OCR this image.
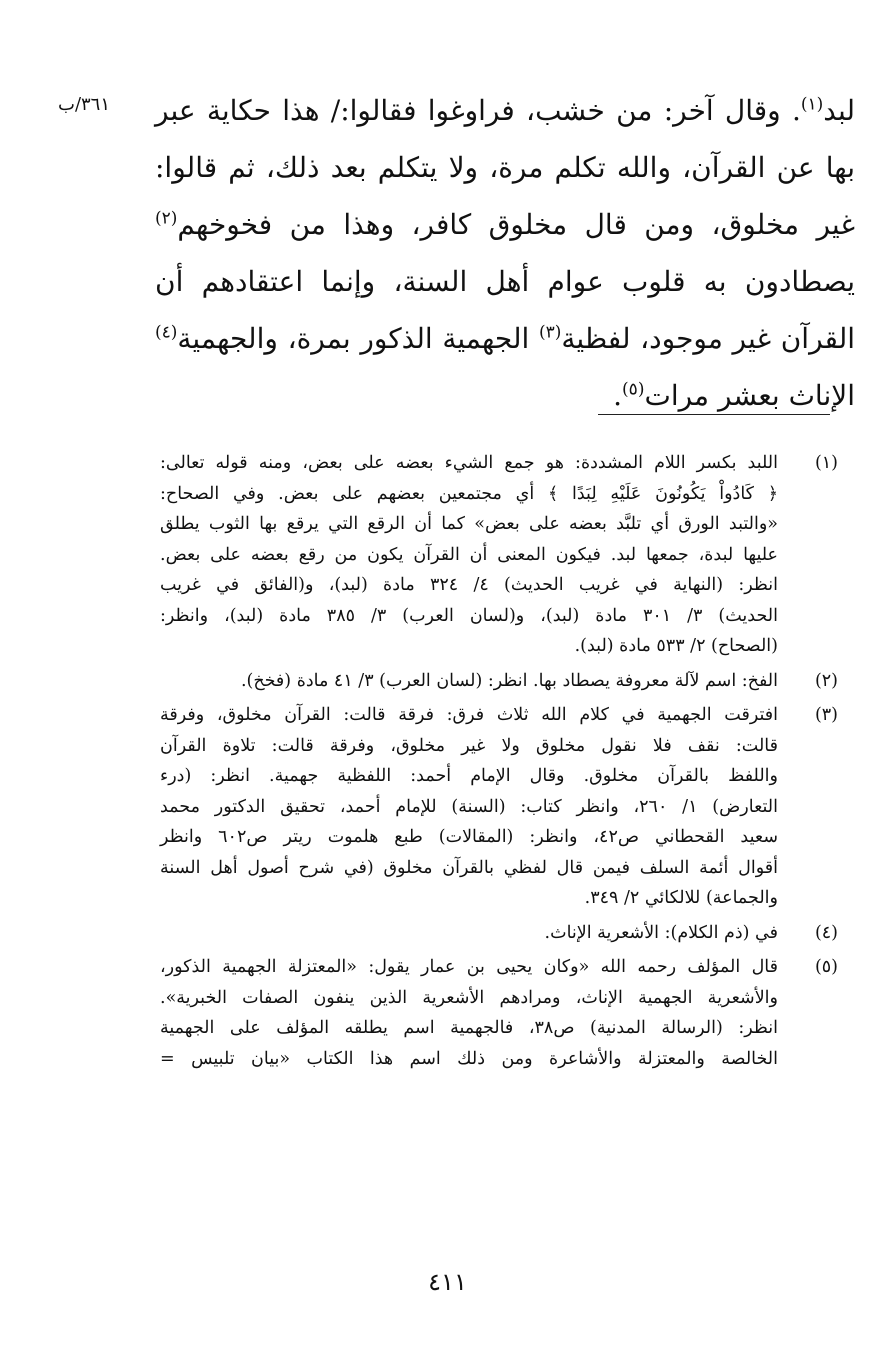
٣٦١/ب	لبد$^{(١)}$. وقال آخر: من خشب، فراوغوا فقالوا:/ هذا حكاية عبر بها عن القرآن، والله تكلم مرة، ولا يتكلم بعد ذلك، ثم قالوا: غير مخلوق، ومن قال مخلوق كافر، وهذا من فخوخهم$^{(٢)}$ يصطادون به قلوب عوام أهل السنة، وإنما اعتقادهم أن القرآن غير موجود، لفظية$^{(٣)}$ الجهمية الذكور بمرة، والجهمية$^{(٤)}$ الإناث بعشر مرات$^{(٥)}$.

(١)
اللبد بكسر اللام المشددة: هو جمع الشيء بعضه على بعض، ومنه قوله تعالى:
﴿ كَادُواْ يَكُونُونَ عَلَيْهِ لِبَدًا ﴾ أي مجتمعين بعضهم على بعض. وفي الصحاح:
«والتبد الورق أي تلبَّد بعضه على بعض» كما أن الرقع التي يرقع بها الثوب يطلق
عليها لبدة، جمعها لبد. فيكون المعنى أن القرآن يكون من رقع بعضه على بعض.
انظر: (النهاية في غريب الحديث) ٤/ ٣٢٤ مادة (لبد)، و(الفائق في غريب
الحديث) ٣/ ٣٠١ مادة (لبد)، و(لسان العرب) ٣/ ٣٨٥ مادة (لبد)، وانظر:
(الصحاح) ٢/ ٥٣٣ مادة (لبد).
(٢)
الفخ: اسم لآلة معروفة يصطاد بها. انظر: (لسان العرب) ٣/ ٤١ مادة (فخخ).
(٣)
افترقت الجهمية في كلام الله ثلاث فرق: فرقة قالت: القرآن مخلوق، وفرقة
قالت: نقف فلا نقول مخلوق ولا غير مخلوق، وفرقة قالت: تلاوة القرآن
واللفظ بالقرآن مخلوق. وقال الإمام أحمد: اللفظية جهمية. انظر: (درء
التعارض) ١/ ٢٦٠، وانظر كتاب: (السنة) للإمام أحمد، تحقيق الدكتور محمد
سعيد القحطاني ص٤٢، وانظر: (المقالات) طبع هلموت ريتر ص٦٠٢ وانظر
أقوال أئمة السلف فيمن قال لفظي بالقرآن مخلوق (في شرح أصول أهل السنة
والجماعة) للالكائي ٢/ ٣٤٩.
(٤)
في (ذم الكلام): الأشعرية الإناث.
(٥)
قال المؤلف رحمه الله «وكان يحيى بن عمار يقول: «المعتزلة الجهمية الذكور،
والأشعرية الجهمية الإناث، ومرادهم الأشعرية الذين ينفون الصفات الخبرية».
انظر: (الرسالة المدنية) ص٣٨، فالجهمية اسم يطلقه المؤلف على الجهمية
الخالصة والمعتزلة والأشاعرة ومن ذلك اسم هذا الكتاب «بيان تلبيس =
٤١١
